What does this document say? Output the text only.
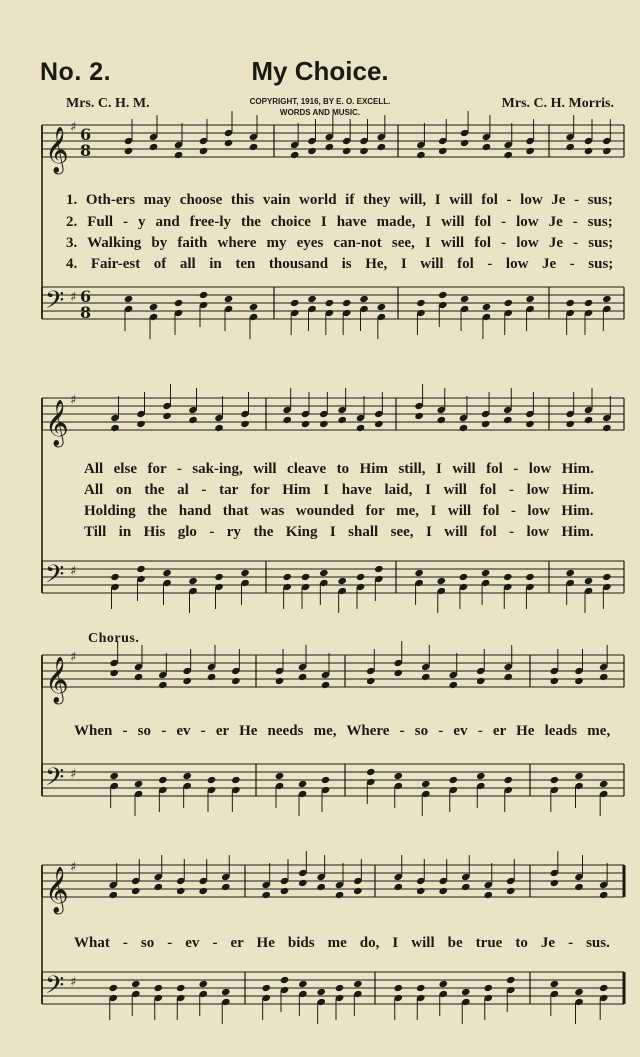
No. 2.	My Choice.
Mrs. C. H. M.	COPYRIGHT, 1916, BY E. O. EXCELL.
WORDS AND MUSIC.
Mrs. C. H. Morris.
𝄞 ♯ 6
8
𝄢 ♯ 6
8
𝄞 ♯
𝄢 ♯
𝄞 ♯
𝄢 ♯
𝄞 ♯
𝄢 ♯
1. Oth-ers may choose this vain world if they will, I will fol - low Je - sus;
2. Full - y and free-ly the choice I have made, I will fol - low Je - sus;
3. Walking by faith where my eyes can-not see, I will fol - low Je - sus;
4. Fair-est of all in ten thousand is He, I will fol - low Je - sus;
All else for - sak-ing, will cleave to Him still, I will fol - low Him.
All on the al - tar for Him I have laid, I will fol - low Him.
Holding the hand that was wounded for me, I will fol - low Him.
Till in His glo - ry the King I shall see, I will fol - low Him.
Chorus.
When - so - ev - er He needs me, Where - so - ev - er He leads me,
What - so - ev - er He bids me do, I will be true to Je - sus.
